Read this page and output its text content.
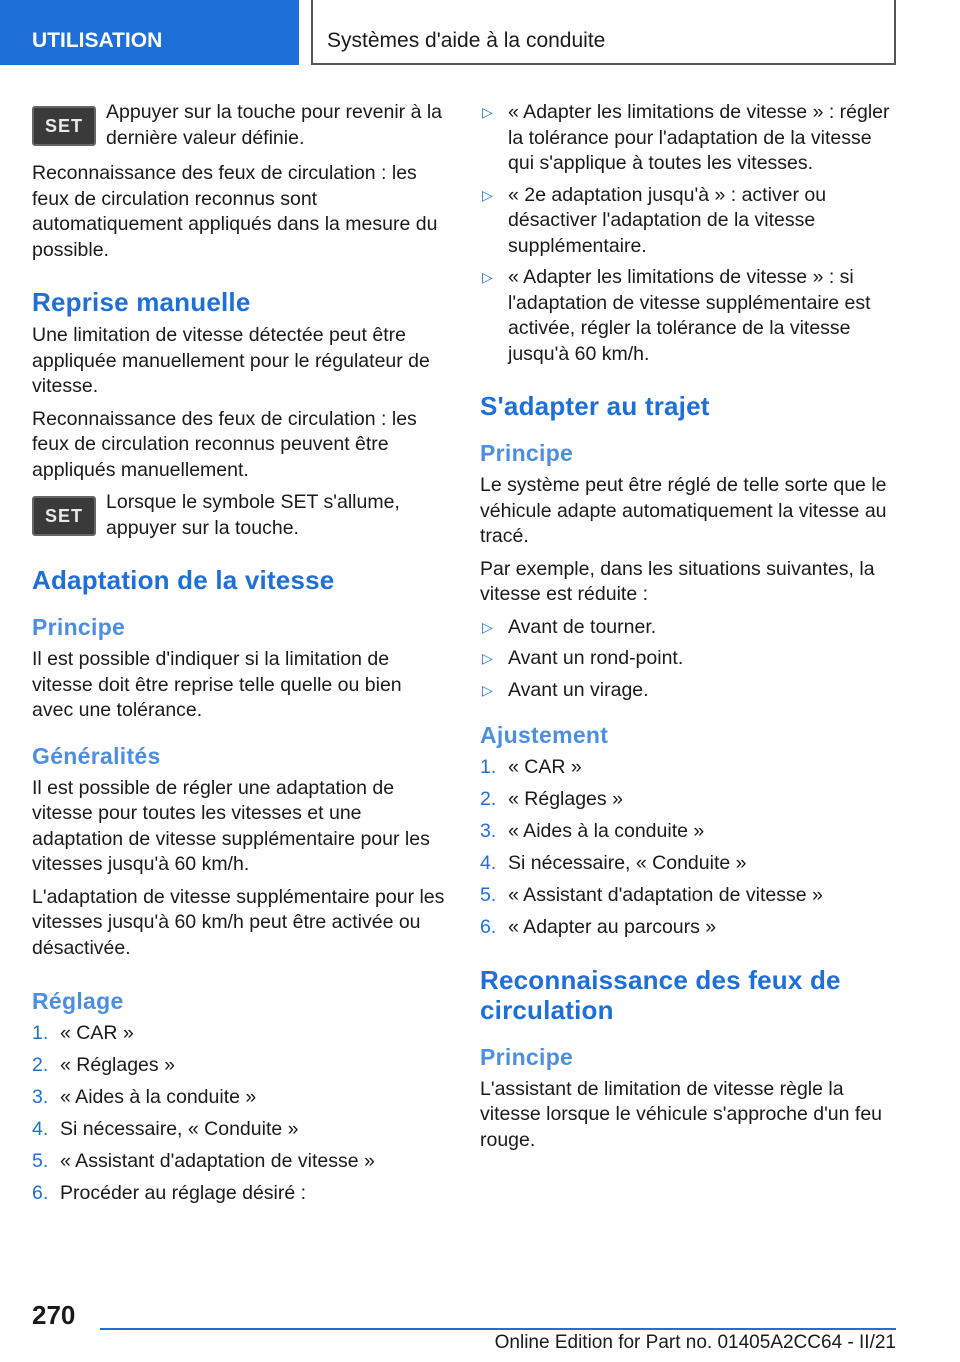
UTILISATION	Systèmes d'aide à la conduite
SET

Appuyer sur la touche pour revenir à la dernière valeur définie.

Reconnaissance des feux de circulation : les feux de circulation reconnus sont automatiquement appliqués dans la mesure du possible.

Reprise manuelle

Une limitation de vitesse détectée peut être appliquée manuellement pour le régulateur de vitesse.

Reconnaissance des feux de circulation : les feux de circulation reconnus peuvent être appliqués manuellement.

SET

Lorsque le symbole SET s'allume, appuyer sur la touche.

Adaptation de la vitesse
Principe

Il est possible d'indiquer si la limitation de vitesse doit être reprise telle quelle ou bien avec une tolérance.

Généralités

Il est possible de régler une adaptation de vitesse pour toutes les vitesses et une adaptation de vitesse supplémentaire pour les vitesses jusqu'à 60 km/h.

L'adaptation de vitesse supplémentaire pour les vitesses jusqu'à 60 km/h peut être activée ou désactivée.

Réglage
1. « CAR »
2. « Réglages »
3. « Aides à la conduite »
4. Si nécessaire, « Conduite »
5. « Assistant d'adaptation de vitesse »
6. Procéder au réglage désiré :
▷ « Adapter les limitations de vitesse » : régler la tolérance pour l'adaptation de la vitesse qui s'applique à toutes les vitesses.
▷ « 2e adaptation jusqu'à » : activer ou désactiver l'adaptation de la vitesse supplémentaire.
▷ « Adapter les limitations de vitesse » : si l'adaptation de vitesse supplémentaire est activée, régler la tolérance de la vitesse jusqu'à 60 km/h.
S'adapter au trajet
Principe

Le système peut être réglé de telle sorte que le véhicule adapte automatiquement la vitesse au tracé.

Par exemple, dans les situations suivantes, la vitesse est réduite :

▷ Avant de tourner.
▷ Avant un rond-point.
▷ Avant un virage.
Ajustement
1. « CAR »
2. « Réglages »
3. « Aides à la conduite »
4. Si nécessaire, « Conduite »
5. « Assistant d'adaptation de vitesse »
6. « Adapter au parcours »
Reconnaissance des feux de circulation
Principe

L'assistant de limitation de vitesse règle la vitesse lorsque le véhicule s'approche d'un feu rouge.

270
Online Edition for Part no. 01405A2CC64 - II/21
